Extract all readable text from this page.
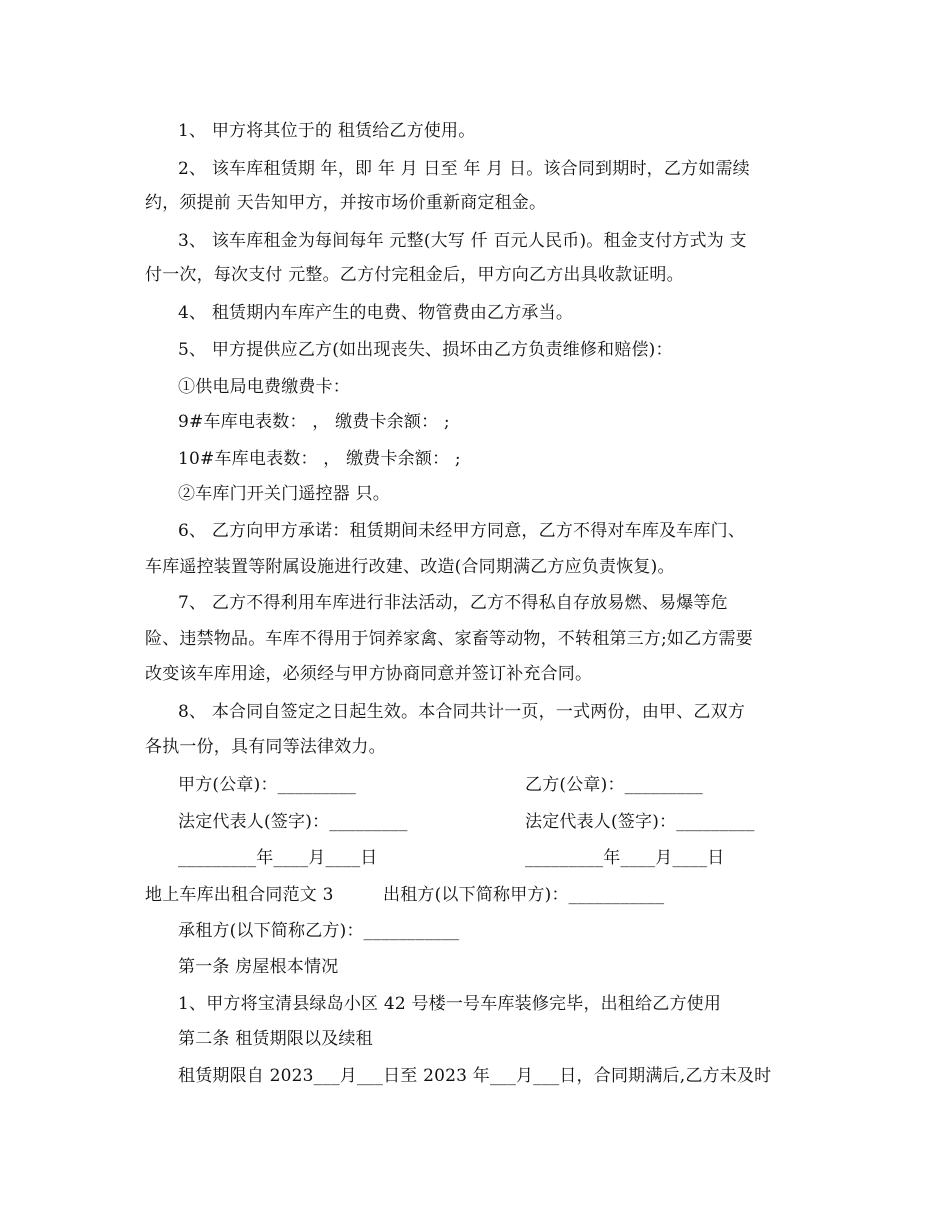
1、 甲方将其位于的 租赁给乙方使用。
2、 该车库租赁期 年，即 年 月 日至 年 月 日。该合同到期时，乙方如需续
约，须提前 天告知甲方，并按市场价重新商定租金。
3、 该车库租金为每间每年 元整(大写 仟 百元人民币)。租金支付方式为 支
付一次，每次支付 元整。乙方付完租金后，甲方向乙方出具收款证明。
4、 租赁期内车库产生的电费、物管费由乙方承当。
5、 甲方提供应乙方(如出现丧失、损坏由乙方负责维修和赔偿)：
①供电局电费缴费卡：
9#车库电表数： ， 缴费卡余额： ;
10#车库电表数： ， 缴费卡余额： ;
②车库门开关门遥控器 只。
6、 乙方向甲方承诺：租赁期间未经甲方同意，乙方不得对车库及车库门、
车库遥控装置等附属设施进行改建、改造(合同期满乙方应负责恢复)。
7、 乙方不得利用车库进行非法活动，乙方不得私自存放易燃、易爆等危
险、违禁物品。车库不得用于饲养家禽、家畜等动物，不转租第三方;如乙方需要
改变该车库用途，必须经与甲方协商同意并签订补充合同。
8、 本合同自签定之日起生效。本合同共计一页，一式两份，由甲、乙双方
各执一份，具有同等法律效力。
甲方(公章)：_________	乙方(公章)：_________
法定代表人(签字)：_________	法定代表人(签字)：_________
_________年____月____日	_________年____月____日
地上车库出租合同范文 3	出租方(以下简称甲方)：___________
承租方(以下简称乙方)：___________
第一条 房屋根本情况
1、甲方将宝清县绿岛小区 42 号楼一号车库装修完毕，出租给乙方使用
第二条 租赁期限以及续租
租赁期限自 2023___月___日至 2023 年___月___日，合同期满后,乙方未及时
